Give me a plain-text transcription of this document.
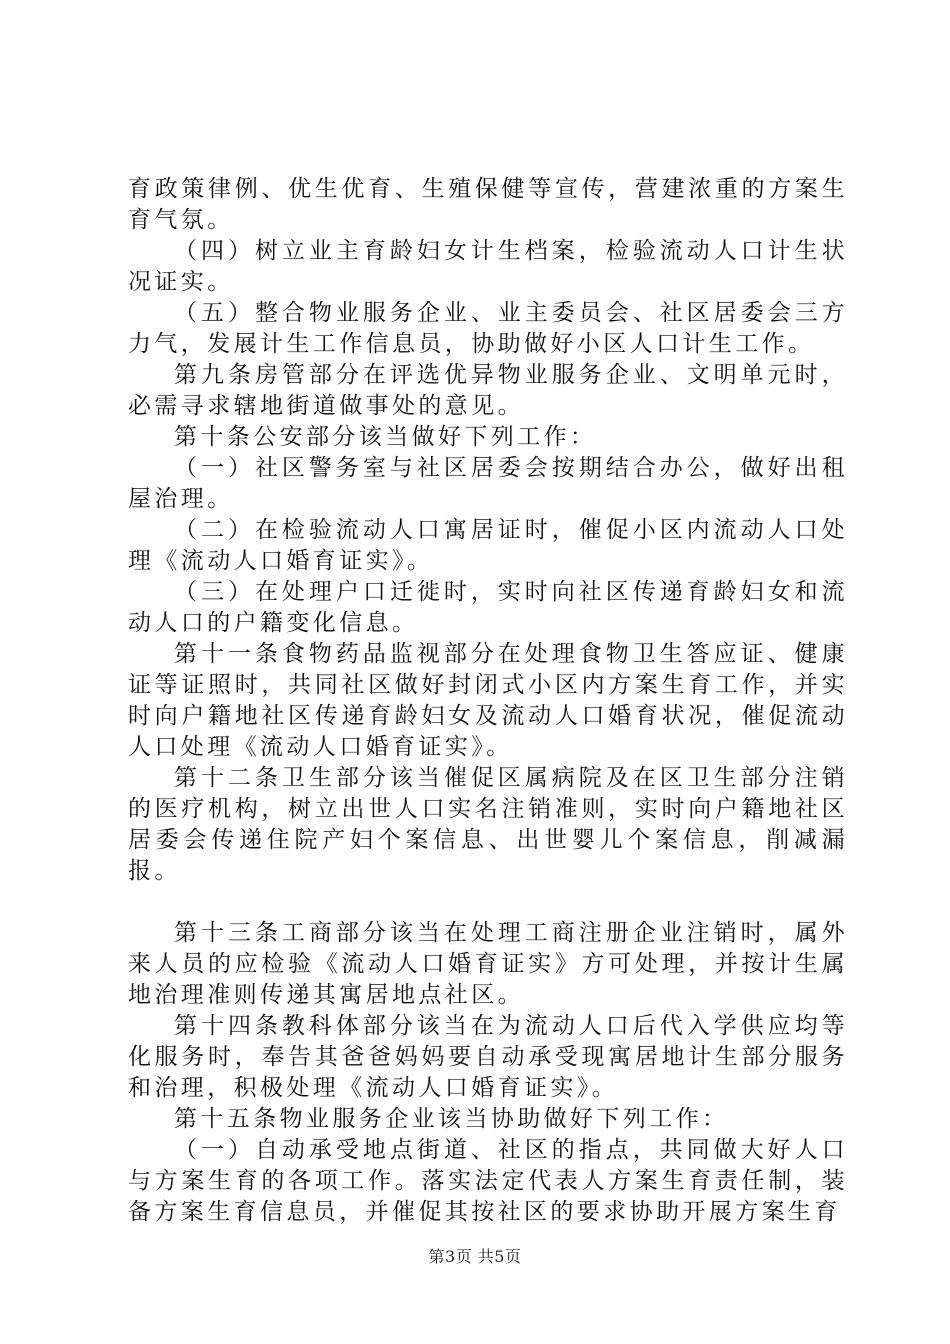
育政策律例、优生优育、生殖保健等宣传，营建浓重的方案生育气氛。

（四）树立业主育龄妇女计生档案，检验流动人口计生状况证实。

（五）整合物业服务企业、业主委员会、社区居委会三方力气，发展计生工作信息员，协助做好小区人口计生工作。

第九条房管部分在评选优异物业服务企业、文明单元时，必需寻求辖地街道做事处的意见。

第十条公安部分该当做好下列工作：

（一）社区警务室与社区居委会按期结合办公，做好出租屋治理。

（二）在检验流动人口寓居证时，催促小区内流动人口处理《流动人口婚育证实》。

（三）在处理户口迁徙时，实时向社区传递育龄妇女和流动人口的户籍变化信息。

第十一条食物药品监视部分在处理食物卫生答应证、健康证等证照时，共同社区做好封闭式小区内方案生育工作，并实时向户籍地社区传递育龄妇女及流动人口婚育状况，催促流动人口处理《流动人口婚育证实》。

第十二条卫生部分该当催促区属病院及在区卫生部分注销的医疗机构，树立出世人口实名注销准则，实时向户籍地社区居委会传递住院产妇个案信息、出世婴儿个案信息，削减漏报。

第十三条工商部分该当在处理工商注册企业注销时，属外来人员的应检验《流动人口婚育证实》方可处理，并按计生属地治理准则传递其寓居地点社区。

第十四条教科体部分该当在为流动人口后代入学供应均等化服务时，奉告其爸爸妈妈要自动承受现寓居地计生部分服务和治理，积极处理《流动人口婚育证实》。

第十五条物业服务企业该当协助做好下列工作：

（一）自动承受地点街道、社区的指点，共同做大好人口与方案生育的各项工作。落实法定代表人方案生育责任制，装备方案生育信息员，并催促其按社区的要求协助开展方案生育

第3页 共5页
